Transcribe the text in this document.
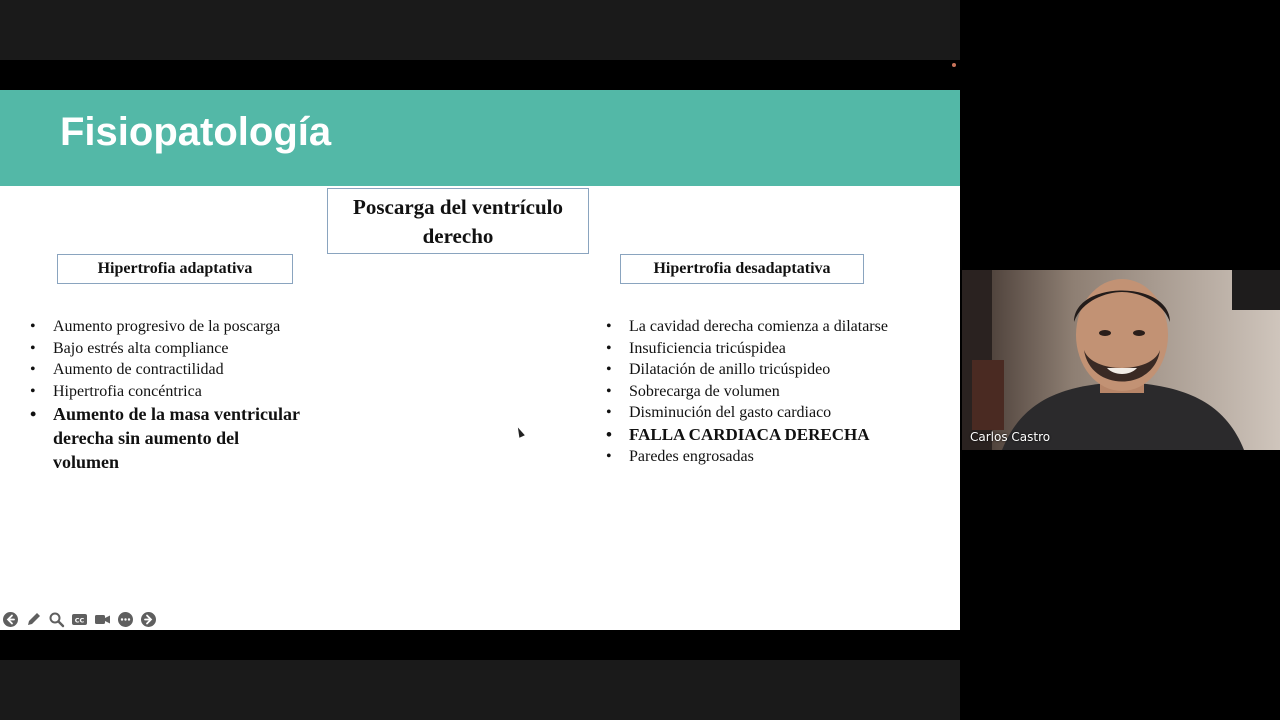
Fisiopatología
Poscarga del ventrículo
derecho
Hipertrofia adaptativa	Hipertrofia desadaptativa
• Aumento progresivo de la poscarga
• Bajo estrés alta compliance
• Aumento de contractilidad
• Hipertrofia concéntrica
• Aumento de la masa ventricular derecha sin aumento del volumen
• La cavidad derecha comienza a dilatarse
• Insuficiencia tricúspidea
• Dilatación de anillo tricúspideo
• Sobrecarga de volumen
• Disminución del gasto cardiaco
• FALLA CARDIACA DERECHA
• Paredes engrosadas
CC
Carlos Castro
